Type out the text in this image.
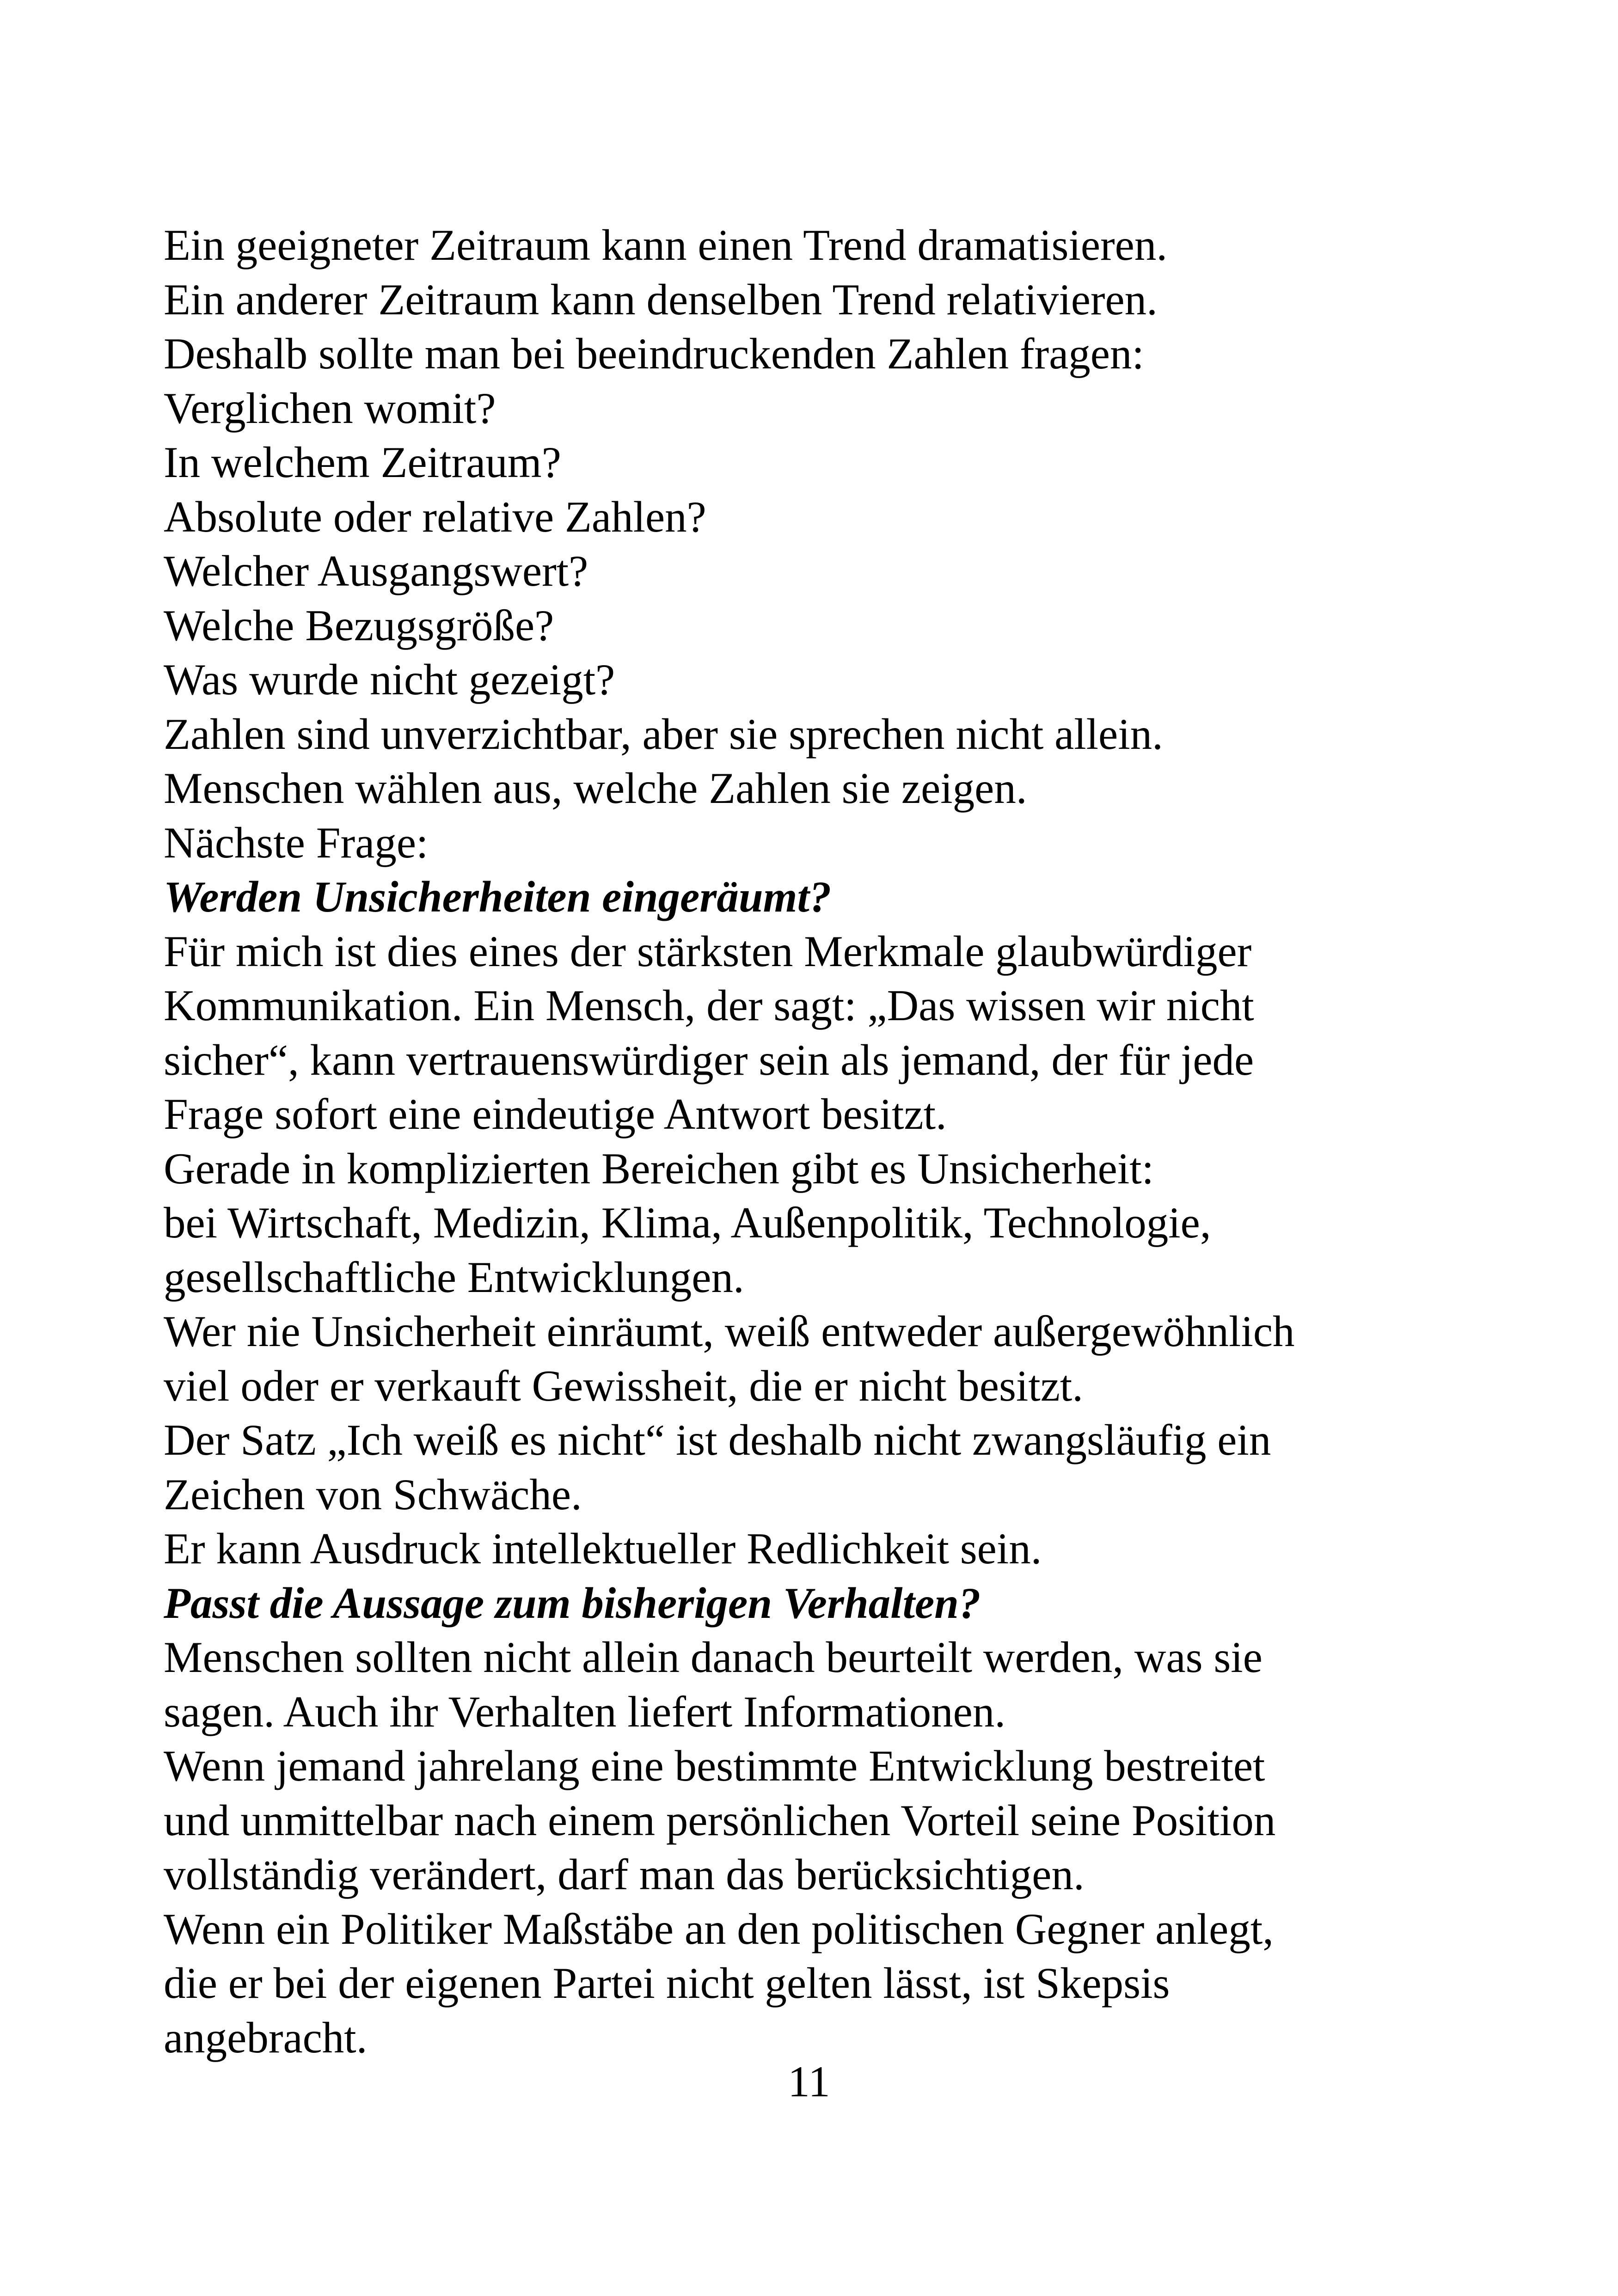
Ein geeigneter Zeitraum kann einen Trend dramatisieren.
Ein anderer Zeitraum kann denselben Trend relativieren.
Deshalb sollte man bei beeindruckenden Zahlen fragen:
Verglichen womit?
In welchem Zeitraum?
Absolute oder relative Zahlen?
Welcher Ausgangswert?
Welche Bezugsgröße?
Was wurde nicht gezeigt?
Zahlen sind unverzichtbar, aber sie sprechen nicht allein.
Menschen wählen aus, welche Zahlen sie zeigen.
Nächste Frage:
Werden Unsicherheiten eingeräumt?
Für mich ist dies eines der stärksten Merkmale glaubwürdiger
Kommunikation. Ein Mensch, der sagt: „Das wissen wir nicht
sicher“, kann vertrauenswürdiger sein als jemand, der für jede
Frage sofort eine eindeutige Antwort besitzt.
Gerade in komplizierten Bereichen gibt es Unsicherheit:
bei Wirtschaft, Medizin, Klima, Außenpolitik, Technologie,
gesellschaftliche Entwicklungen.
Wer nie Unsicherheit einräumt, weiß entweder außergewöhnlich
viel oder er verkauft Gewissheit, die er nicht besitzt.
Der Satz „Ich weiß es nicht“ ist deshalb nicht zwangsläufig ein
Zeichen von Schwäche.
Er kann Ausdruck intellektueller Redlichkeit sein.
Passt die Aussage zum bisherigen Verhalten?
Menschen sollten nicht allein danach beurteilt werden, was sie
sagen. Auch ihr Verhalten liefert Informationen.
Wenn jemand jahrelang eine bestimmte Entwicklung bestreitet
und unmittelbar nach einem persönlichen Vorteil seine Position
vollständig verändert, darf man das berücksichtigen.
Wenn ein Politiker Maßstäbe an den politischen Gegner anlegt,
die er bei der eigenen Partei nicht gelten lässt, ist Skepsis
angebracht.
11
